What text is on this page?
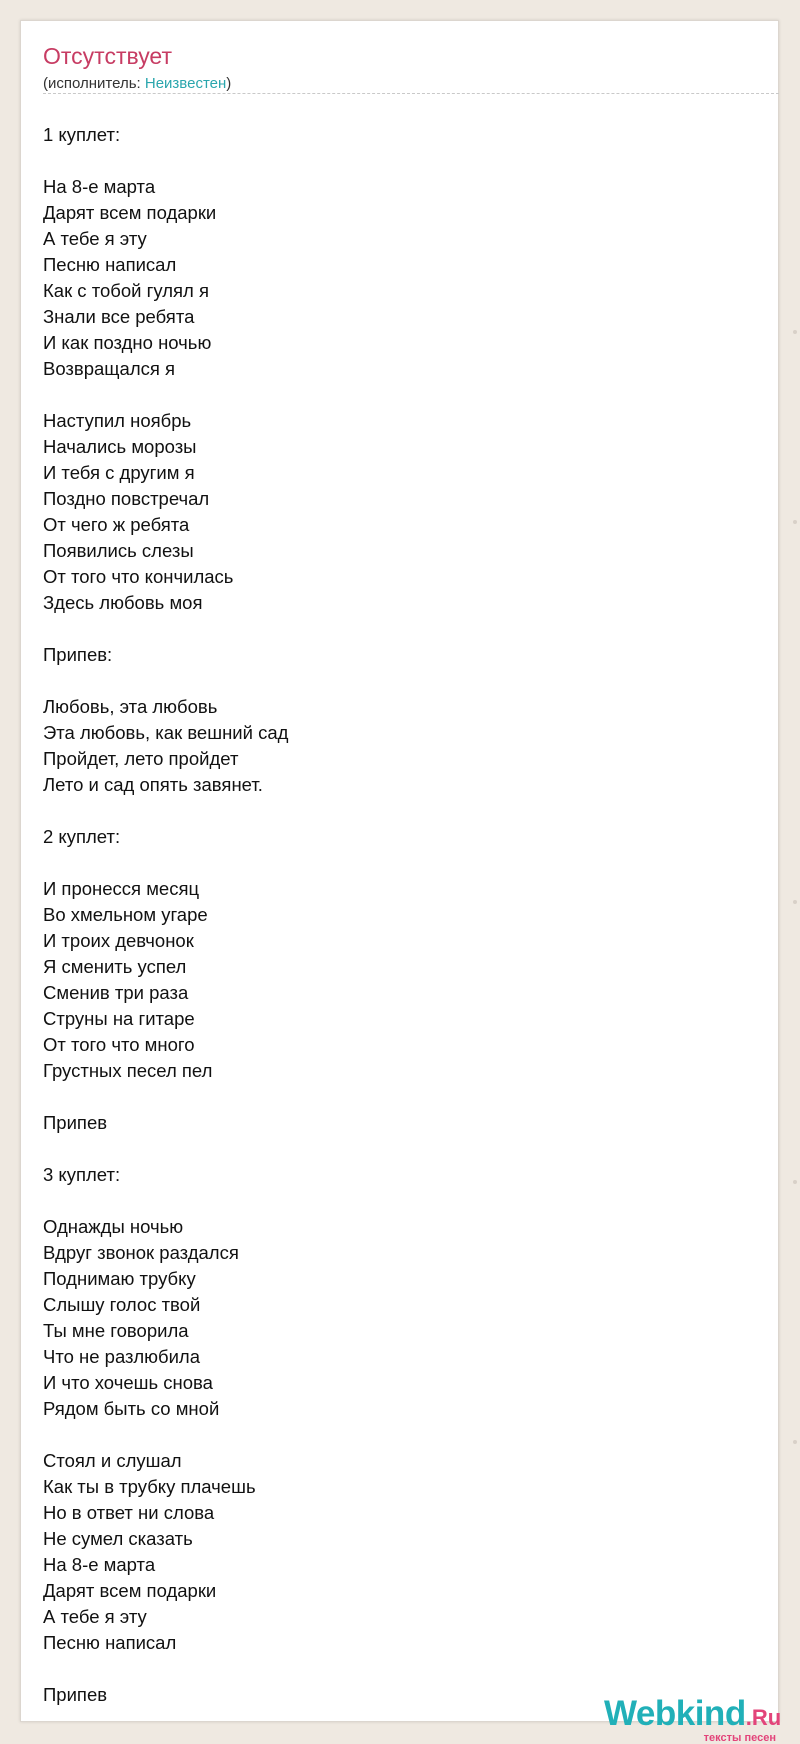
Отсутствует
(исполнитель: Неизвестен)
1 куплет:
На 8-е марта
Дарят всем подарки
А тебе я эту
Песню написал
Как с тобой гулял я
Знали все ребята
И как поздно ночью
Возвращался я
Наступил ноябрь
Начались морозы
И тебя с другим я
Поздно повстречал
От чего ж ребята
Появились слезы
От того что кончилась
Здесь любовь моя
Припев:
Любовь, эта любовь
Эта любовь, как вешний сад
Пройдет, лето пройдет
Лето и сад опять завянет.
2 куплет:
И пронесся месяц
Во хмельном угаре
И троих девчонок
Я сменить успел
Сменив три раза
Струны на гитаре
От того что много
Грустных песел пел
Припев
3 куплет:
Однажды ночью
Вдруг звонок раздался
Поднимаю трубку
Слышу голос твой
Ты мне говорила
Что не разлюбила
И что хочешь снова
Рядом быть со мной
Стоял и слушал
Как ты в трубку плачешь
Но в ответ ни слова
Не сумел сказать
На 8-е марта
Дарят всем подарки
А тебе я эту
Песню написал
Припев	Webkind.Ru
тексты песен
